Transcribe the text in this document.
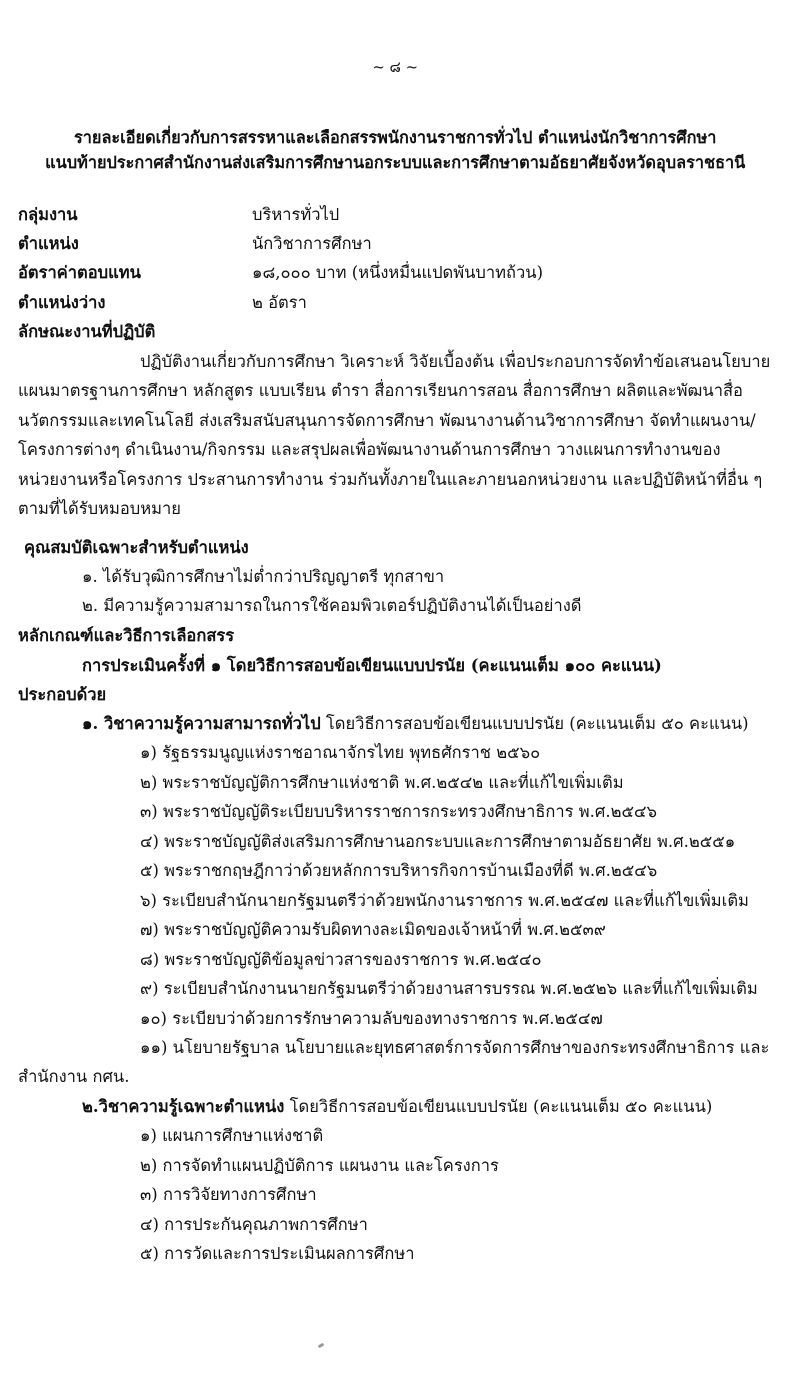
~ ๘ ~
รายละเอียดเกี่ยวกับการสรรหาและเลือกสรรพนักงานราชการทั่วไป ตำแหน่งนักวิชาการศึกษา
แนบท้ายประกาศสำนักงานส่งเสริมการศึกษานอกระบบและการศึกษาตามอัธยาศัยจังหวัดอุบลราชธานี
กลุ่มงาน	บริหารทั่วไป
ตำแหน่ง	นักวิชาการศึกษา
อัตราค่าตอบแทน	๑๘,๐๐๐ บาท (หนึ่งหมื่นแปดพันบาทถ้วน)
ตำแหน่งว่าง	๒ อัตรา
ลักษณะงานที่ปฏิบัติ
ปฏิบัติงานเกี่ยวกับการศึกษา วิเคราะห์ วิจัยเบื้องต้น เพื่อประกอบการจัดทำข้อเสนอนโยบาย
แผนมาตรฐานการศึกษา หลักสูตร แบบเรียน ตำรา สื่อการเรียนการสอน สื่อการศึกษา ผลิตและพัฒนาสื่อ
นวัตกรรมและเทคโนโลยี ส่งเสริมสนับสนุนการจัดการศึกษา พัฒนางานด้านวิชาการศึกษา จัดทำแผนงาน/
โครงการต่างๆ ดำเนินงาน/กิจกรรม และสรุปผลเพื่อพัฒนางานด้านการศึกษา วางแผนการทำงานของ
หน่วยงานหรือโครงการ ประสานการทำงาน ร่วมกันทั้งภายในและภายนอกหน่วยงาน และปฏิบัติหน้าที่อื่น ๆ
ตามที่ได้รับหมอบหมาย
คุณสมบัติเฉพาะสำหรับตำแหน่ง
๑. ได้รับวุฒิการศึกษาไม่ต่ำกว่าปริญญาตรี ทุกสาขา
๒. มีความรู้ความสามารถในการใช้คอมพิวเตอร์ปฏิบัติงานได้เป็นอย่างดี
หลักเกณฑ์และวิธีการเลือกสรร
การประเมินครั้งที่ ๑ โดยวิธีการสอบข้อเขียนแบบปรนัย (คะแนนเต็ม ๑๐๐ คะแนน)
ประกอบด้วย
๑. วิชาความรู้ความสามารถทั่วไป โดยวิธีการสอบข้อเขียนแบบปรนัย (คะแนนเต็ม ๕๐ คะแนน)
๑) รัฐธรรมนูญแห่งราชอาณาจักรไทย พุทธศักราช ๒๕๖๐
๒) พระราชบัญญัติการศึกษาแห่งชาติ พ.ศ.๒๕๔๒ และที่แก้ไขเพิ่มเติม
๓) พระราชบัญญัติระเบียบบริหารราชการกระทรวงศึกษาธิการ พ.ศ.๒๕๔๖
๔) พระราชบัญญัติส่งเสริมการศึกษานอกระบบและการศึกษาตามอัธยาศัย พ.ศ.๒๕๕๑
๕) พระราชกฤษฎีกาว่าด้วยหลักการบริหารกิจการบ้านเมืองที่ดี พ.ศ.๒๕๔๖
๖) ระเบียบสำนักนายกรัฐมนตรีว่าด้วยพนักงานราชการ พ.ศ.๒๕๔๗ และที่แก้ไขเพิ่มเติม
๗) พระราชบัญญัติความรับผิดทางละเมิดของเจ้าหน้าที่ พ.ศ.๒๕๓๙
๘) พระราชบัญญัติข้อมูลข่าวสารของราชการ พ.ศ.๒๕๔๐
๙) ระเบียบสำนักงานนายกรัฐมนตรีว่าด้วยงานสารบรรณ พ.ศ.๒๕๒๖ และที่แก้ไขเพิ่มเติม
๑๐) ระเบียบว่าด้วยการรักษาความลับของทางราชการ พ.ศ.๒๕๔๗
๑๑) นโยบายรัฐบาล นโยบายและยุทธศาสตร์การจัดการศึกษาของกระทรงศึกษาธิการ และ
สำนักงาน กศน.
๒.วิชาความรู้เฉพาะตำแหน่ง โดยวิธีการสอบข้อเขียนแบบปรนัย (คะแนนเต็ม ๕๐ คะแนน)
๑) แผนการศึกษาแห่งชาติ
๒) การจัดทำแผนปฏิบัติการ แผนงาน และโครงการ
๓) การวิจัยทางการศึกษา
๔) การประกันคุณภาพการศึกษา
๕) การวัดและการประเมินผลการศึกษา
